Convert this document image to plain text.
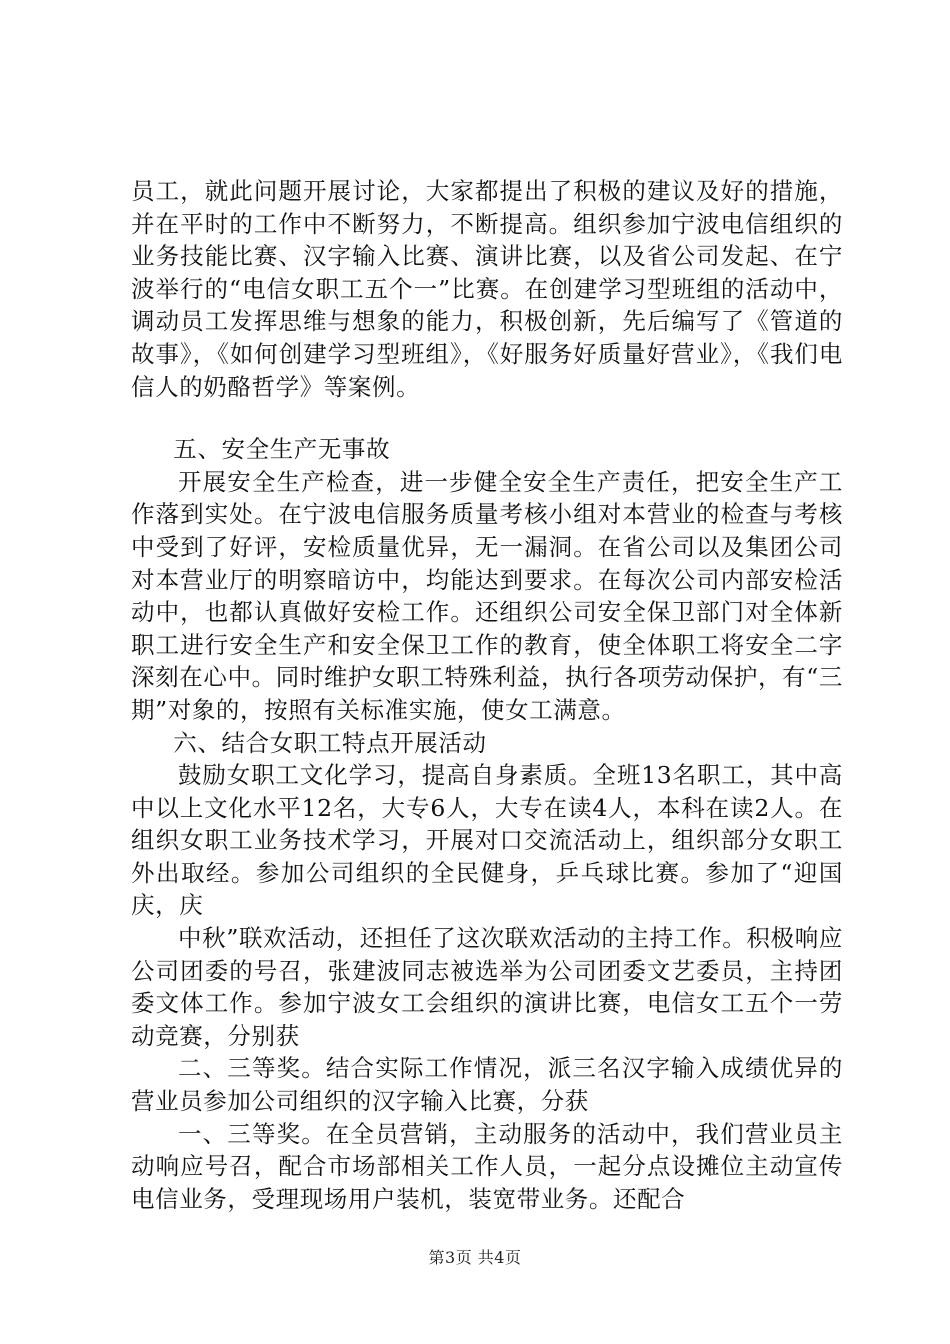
员工，就此问题开展讨论，大家都提出了积极的建议及好的措施，并在平时的工作中不断努力，不断提高。组织参加宁波电信组织的业务技能比赛、汉字输入比赛、演讲比赛，以及省公司发起、在宁波举行的“电信女职工五个一”比赛。在创建学习型班组的活动中，调动员工发挥思维与想象的能力，积极创新，先后编写了《管道的故事》，《如何创建学习型班组》，《好服务好质量好营业》，《我们电信人的奶酪哲学》等案例。

五、安全生产无事故

开展安全生产检查，进一步健全安全生产责任，把安全生产工作落到实处。在宁波电信服务质量考核小组对本营业的检查与考核中受到了好评，安检质量优异，无一漏洞。在省公司以及集团公司对本营业厅的明察暗访中，均能达到要求。在每次公司内部安检活动中，也都认真做好安检工作。还组织公司安全保卫部门对全体新职工进行安全生产和安全保卫工作的教育，使全体职工将安全二字深刻在心中。同时维护女职工特殊利益，执行各项劳动保护，有“三期”对象的，按照有关标准实施，使女工满意。

六、结合女职工特点开展活动

鼓励女职工文化学习，提高自身素质。全班13名职工，其中高中以上文化水平12名，大专6人，大专在读4人，本科在读2人。在组织女职工业务技术学习，开展对口交流活动上，组织部分女职工外出取经。参加公司组织的全民健身，乒乓球比赛。参加了“迎国庆，庆

中秋”联欢活动，还担任了这次联欢活动的主持工作。积极响应公司团委的号召，张建波同志被选举为公司团委文艺委员，主持团委文体工作。参加宁波女工会组织的演讲比赛，电信女工五个一劳动竞赛，分别获

二、三等奖。结合实际工作情况，派三名汉字输入成绩优异的营业员参加公司组织的汉字输入比赛，分获

一、三等奖。在全员营销，主动服务的活动中，我们营业员主动响应号召，配合市场部相关工作人员，一起分点设摊位主动宣传电信业务，受理现场用户装机，装宽带业务。还配合

第3页 共4页
